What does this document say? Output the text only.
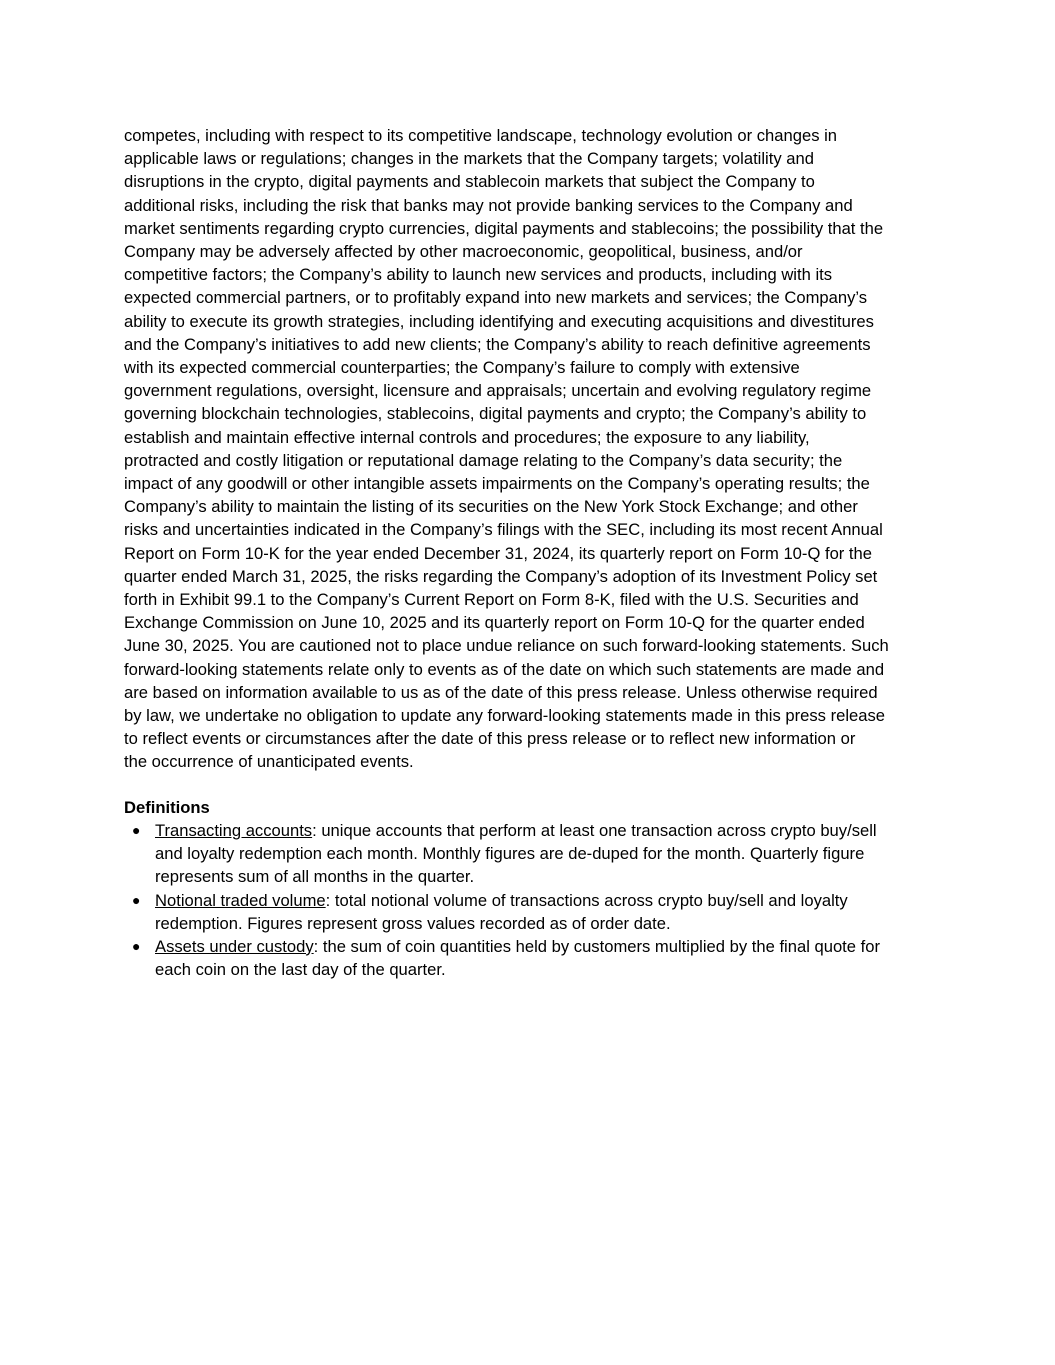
competes, including with respect to its competitive landscape, technology evolution or changes in
applicable laws or regulations; changes in the markets that the Company targets; volatility and
disruptions in the crypto, digital payments and stablecoin markets that subject the Company to
additional risks, including the risk that banks may not provide banking services to the Company and
market sentiments regarding crypto currencies, digital payments and stablecoins; the possibility that the
Company may be adversely affected by other macroeconomic, geopolitical, business, and/or
competitive factors; the Company’s ability to launch new services and products, including with its
expected commercial partners, or to profitably expand into new markets and services; the Company’s
ability to execute its growth strategies, including identifying and executing acquisitions and divestitures
and the Company’s initiatives to add new clients; the Company’s ability to reach definitive agreements
with its expected commercial counterparties; the Company’s failure to comply with extensive
government regulations, oversight, licensure and appraisals; uncertain and evolving regulatory regime
governing blockchain technologies, stablecoins, digital payments and crypto; the Company’s ability to
establish and maintain effective internal controls and procedures; the exposure to any liability,
protracted and costly litigation or reputational damage relating to the Company’s data security; the
impact of any goodwill or other intangible assets impairments on the Company’s operating results; the
Company’s ability to maintain the listing of its securities on the New York Stock Exchange; and other
risks and uncertainties indicated in the Company’s filings with the SEC, including its most recent Annual
Report on Form 10-K for the year ended December 31, 2024, its quarterly report on Form 10-Q for the
quarter ended March 31, 2025, the risks regarding the Company’s adoption of its Investment Policy set
forth in Exhibit 99.1 to the Company’s Current Report on Form 8-K, filed with the U.S. Securities and
Exchange Commission on June 10, 2025 and its quarterly report on Form 10-Q for the quarter ended
June 30, 2025. You are cautioned not to place undue reliance on such forward-looking statements. Such
forward-looking statements relate only to events as of the date on which such statements are made and
are based on information available to us as of the date of this press release. Unless otherwise required
by law, we undertake no obligation to update any forward-looking statements made in this press release
to reflect events or circumstances after the date of this press release or to reflect new information or
the occurrence of unanticipated events.

Definitions
● Transacting accounts: unique accounts that perform at least one transaction across crypto buy/sell
and loyalty redemption each month. Monthly figures are de-duped for the month. Quarterly figure
represents sum of all months in the quarter.
● Notional traded volume: total notional volume of transactions across crypto buy/sell and loyalty
redemption. Figures represent gross values recorded as of order date.
● Assets under custody: the sum of coin quantities held by customers multiplied by the final quote for
each coin on the last day of the quarter.
